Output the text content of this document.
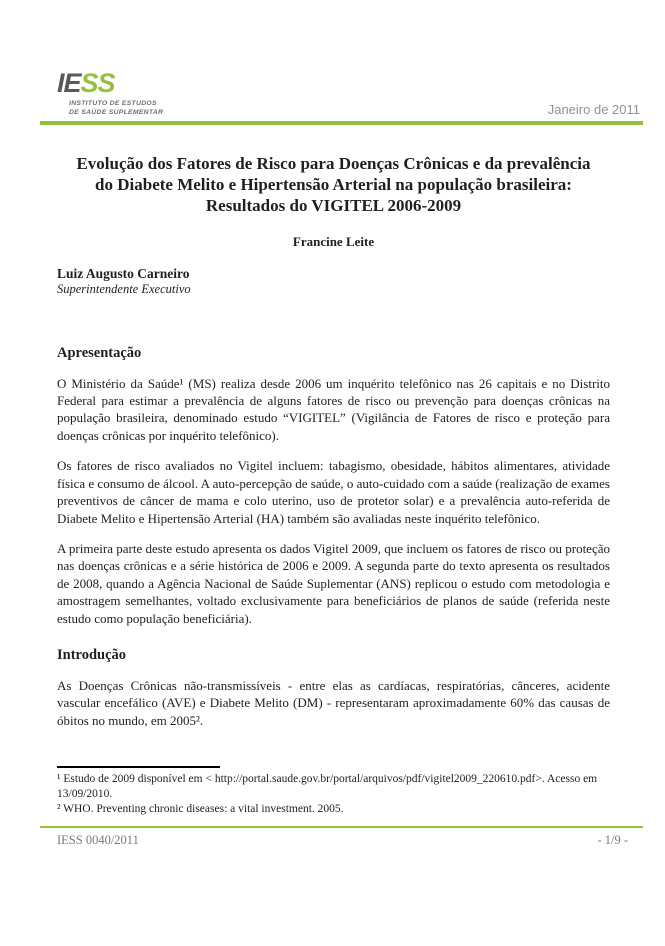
IESS
INSTITUTO DE ESTUDOS
DE SAÚDE SUPLEMENTAR	Janeiro de 2011
Evolução dos Fatores de Risco para Doenças Crônicas e da prevalência
do Diabete Melito e Hipertensão Arterial na população brasileira:
Resultados do VIGITEL 2006-2009
Francine Leite
Luiz Augusto Carneiro
Superintendente Executivo
Apresentação

O Ministério da Saúde¹ (MS) realiza desde 2006 um inquérito telefônico nas 26 capitais e no Distrito Federal para estimar a prevalência de alguns fatores de risco ou prevenção para doenças crônicas na população brasileira, denominado estudo “VIGITEL” (Vigilância de Fatores de risco e proteção para doenças crônicas por inquérito telefônico).

Os fatores de risco avaliados no Vigitel incluem: tabagismo, obesidade, hábitos alimentares, atividade física e consumo de álcool. A auto-percepção de saúde, o auto-cuidado com a saúde (realização de exames preventivos de câncer de mama e colo uterino, uso de protetor solar) e a prevalência auto-referida de Diabete Melito e Hipertensão Arterial (HA) também são avaliadas neste inquérito telefônico.

A primeira parte deste estudo apresenta os dados Vigitel 2009, que incluem os fatores de risco ou proteção nas doenças crônicas e a série histórica de 2006 e 2009. A segunda parte do texto apresenta os resultados de 2008, quando a Agência Nacional de Saúde Suplementar (ANS) replicou o estudo com metodologia e amostragem semelhantes, voltado exclusivamente para beneficiários de planos de saúde (referida neste estudo como população beneficiária).

Introdução

As Doenças Crônicas não-transmissíveis - entre elas as cardíacas, respiratórias, cânceres, acidente vascular encefálico (AVE) e Diabete Melito (DM) - representaram aproximadamente 60% das causas de óbitos no mundo, em 2005².

¹ Estudo de 2009 disponível em < http://portal.saude.gov.br/portal/arquivos/pdf/vigitel2009_220610.pdf>. Acesso em 13/09/2010.
² WHO. Preventing chronic diseases: a vital investment. 2005.
IESS 0040/2011	- 1/9 -
